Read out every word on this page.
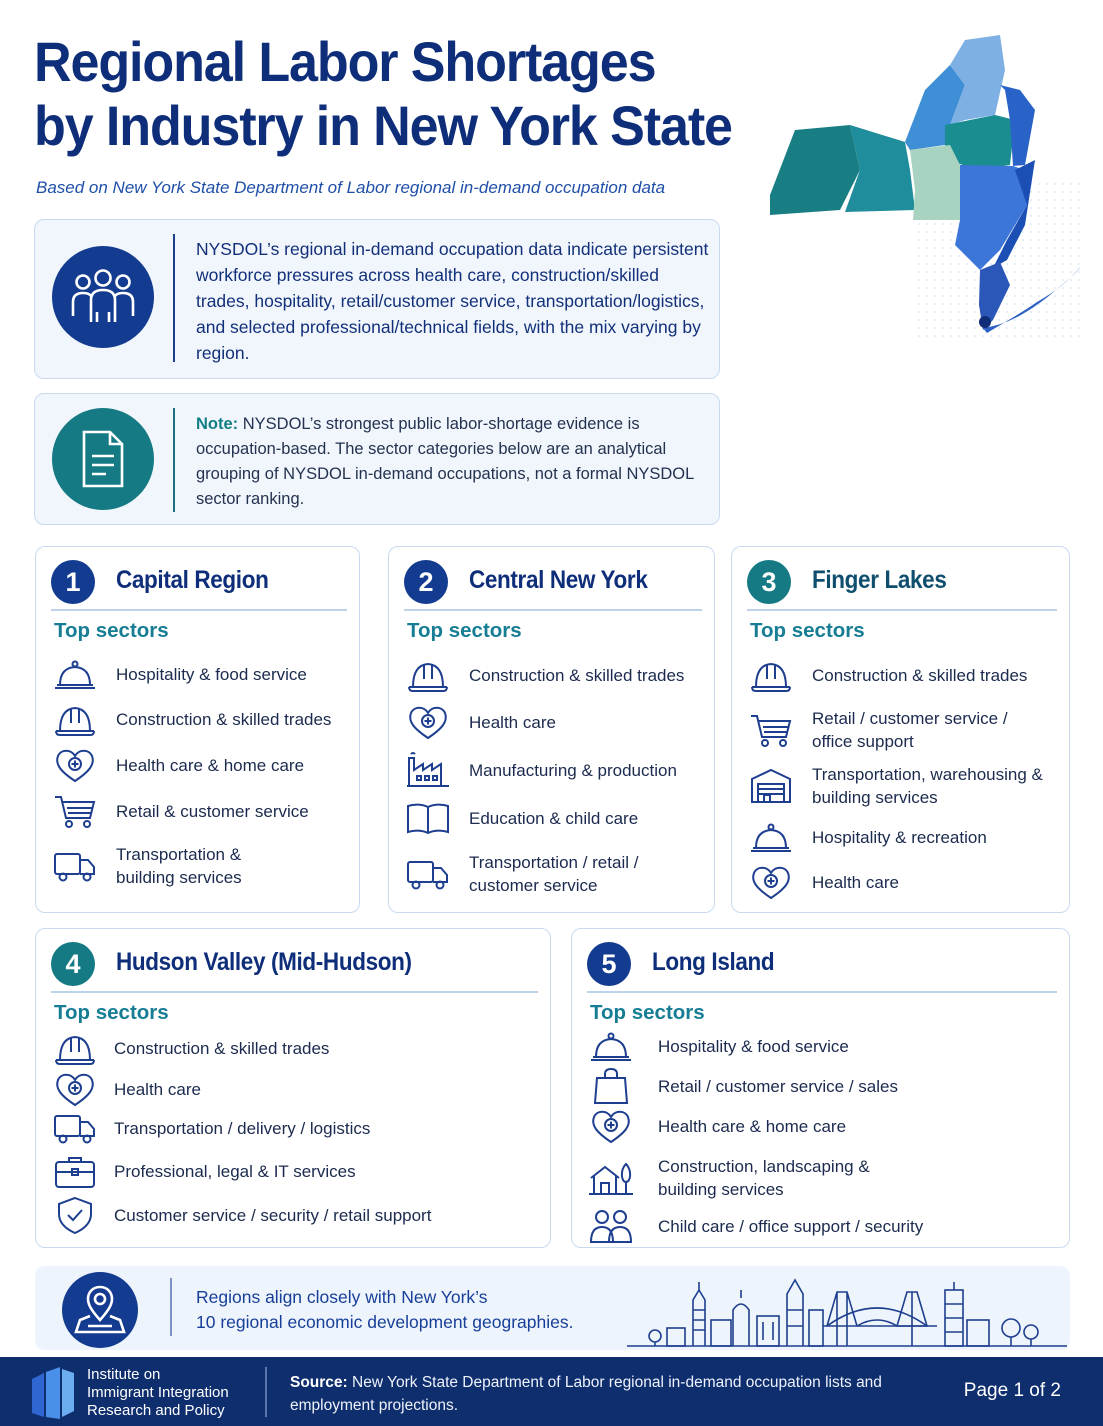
Regional Labor Shortages
by Industry in New York State
Based on New York State Department of Labor regional in-demand occupation data
NYSDOL’s regional in-demand occupation data indicate persistent workforce pressures across health care, construction/skilled trades, hospitality, retail/customer service, transportation/logistics, and selected professional/technical fields, with the mix varying by region.
Note: NYSDOL’s strongest public labor-shortage evidence is occupation-based. The sector categories below are an analytical grouping of NYSDOL in-demand occupations, not a formal NYSDOL sector ranking.
1	Capital Region
Top sectors
Hospitality & food service
Construction & skilled trades
Health care & home care
Retail & customer service
Transportation & building services
2	Central New York
Top sectors
Construction & skilled trades
Health care
Manufacturing & production
Education & child care
Transportation / retail / customer service
3	Finger Lakes
Top sectors
Construction & skilled trades
Retail / customer service / office support
Transportation, warehousing & building services
Hospitality & recreation
Health care
4	Hudson Valley (Mid-Hudson)
Top sectors
Construction & skilled trades
Health care
Transportation / delivery / logistics
Professional, legal & IT services
Customer service / security / retail support
5	Long Island
Top sectors
Hospitality & food service
Retail / customer service / sales
Health care & home care
Construction, landscaping & building services
Child care / office support / security
Regions align closely with New York’s
10 regional economic development geographies.
Institute on
Immigrant Integration
Research and Policy
Source: New York State Department of Labor regional in-demand occupation lists and employment projections.
Page 1 of 2
